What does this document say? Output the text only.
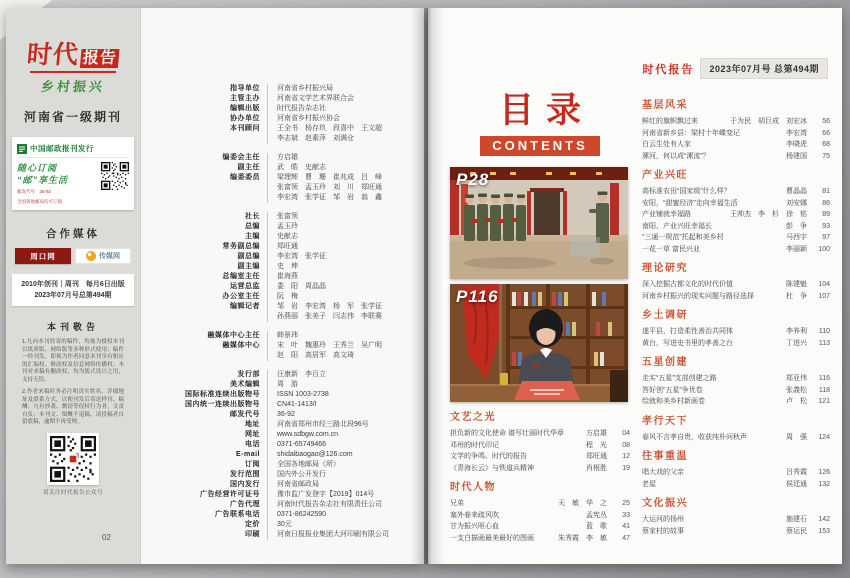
时代 报告
乡村振兴
河南省一级期刊
中国邮政报刊发行
随心订阅
“邮”享生活
邮发代号：36-92
全国各地邮局均可订阅
合作媒体
周口网	传媒网
2010年创刊｜周刊　每月6日出版
2023年07月号总第494期
本刊敬告

1.凡向本刊投寄的稿件，均视为授权本刊以纸质版、网络版等多种形式使用；稿件一经刊发，即视为作者同意本刊享有相应的汇编权、修改权及信息网络传播权；本刊对来稿有删改权，均为版式设计之用，支持无误。

2.作者来稿时务必注明真实姓名、详细地址及联系方式，以便刊发后寄送样刊、稿酬；凡有抄袭、剽窃等侵权行为者，文责自负；本刊文、图概不退稿，请投稿者自留底稿，逾期不再受理。

请关注时代报告公众号
02
指导单位 河南省乡村振兴局
主管主办 河南省文学艺术界联合会
编辑出版 时代报告杂志社
协办单位 河南省乡村振兴协会
本刊顾问 王全书　杨存玖　段喜中　王文超
李志斌　赵素萍　刘满仓
编委会主任 方启雄
副主任 武　皓　史献志
编委委员 梁理辉　曹　珊　崔兆成　吕　峰
张富领　孟玉玲　刘　川　郑旺通
李宏湾　张学征　邹　岩　翁　鑫
社长 张富领
总编 孟玉玲
主编 史献志
常务副总编 郑旺通
副总编 李宏湾　张学征
副主编 史　坤
总编室主任 崔海燕
运营总监 娄　阳　周晶晶
办公室主任 阮　梅
编辑记者 邹　岩　李宏湾　杨　军　张学征
孙燕丽　张美子　闫志伟　李联赛
融媒体中心主任 韩景玮
融媒体中心 宋　叶　魏惠玲　王秀兰　吴广明
赵　阳　高居军　高文琦
发行部 汪康新　李百立
美术编辑 周　游
国际标准连续出版物号 ISSN 1003-2738
国内统一连续出版物号 CN41-1413/I
邮发代号 36-92
地址 河南省郑州市经三路北段96号
网址 www.sdbgw.com.cn
电话 0371-65749466
E-mail shidaibaogao@126.com
订阅 全国各地邮局（所）
发行范围 国内外公开发行
国内发行 河南省邮政局
广告经营许可证号 豫市监广发登字【2019】014号
广告代理 河南时代报告杂志社有限责任公司
广告联系电话 0371-86242590
定价 30元
印刷 河南日报报业集团大河印刷有限公司
时代报告	2023年07月号 总第494期
目录
CONTENTS
P28
P116
文艺之光
担负新的文化使命 谱写壮丽时代华章	方启雄	04
邓州的时代印记	程　光	08
文学的争鸣、时代的报告	郑旺通	12
《青海长云》与铁道兵精神	肖根胜	19
时代人物
兄弟	天　敏　华　之	25
塞外春来疏风吹	孟宪丛	33
甘为振兴呕心血	蓝　歌	41
一支白描画最美最好的图画	朱秀霞　李　敏	47
基层风采
鲜红的旗帜飘过来	于为民　胡巨成　刘宏冰	56
河南省新乡县：梁村十年蝶变记	李宏湾	66
白云生处有人家	李晓虎	68
漯河，何以成“漯流”？	杨建国	75
产业兴旺
高标准农田“国家级”什么样？	曹晶晶	81
安阳，“甜蜜经济”走向幸福生活	刘安娜	86
产业铺就幸福路	王帅杰　李　杉　徐　铭	89
南阳，产业兴旺幸福长	彭　争	93
“三通一规范”托起和美乡村	马西宇	97
一花一草 富民兴业	李丽颖	100
理论研究
深入挖掘古都文化的时代价值	陈建魁	104
河南乡村振兴的现实问题与路径选择	杜　争	107
乡土调研
遂平县，打造柔性善治共同体	李养利	110
黄台，写进史书里的孝善之台	丁进兴	113
五星创建
走实“五星”支部创建之路	郑亚伟	116
答好创“五星”争优卷	张義松	118
绘就和美乡村新画卷	卢　松	121
孝行天下
春风不言孝自贵，收获纯朴问秋声	周　强	124
往事重温
唱大戏的父亲	吕秀霞	126
老屋	侯廷通	132
文化振兴
大运河的扬州	施建石	142
蔡家村的故事	蔡运民	153
